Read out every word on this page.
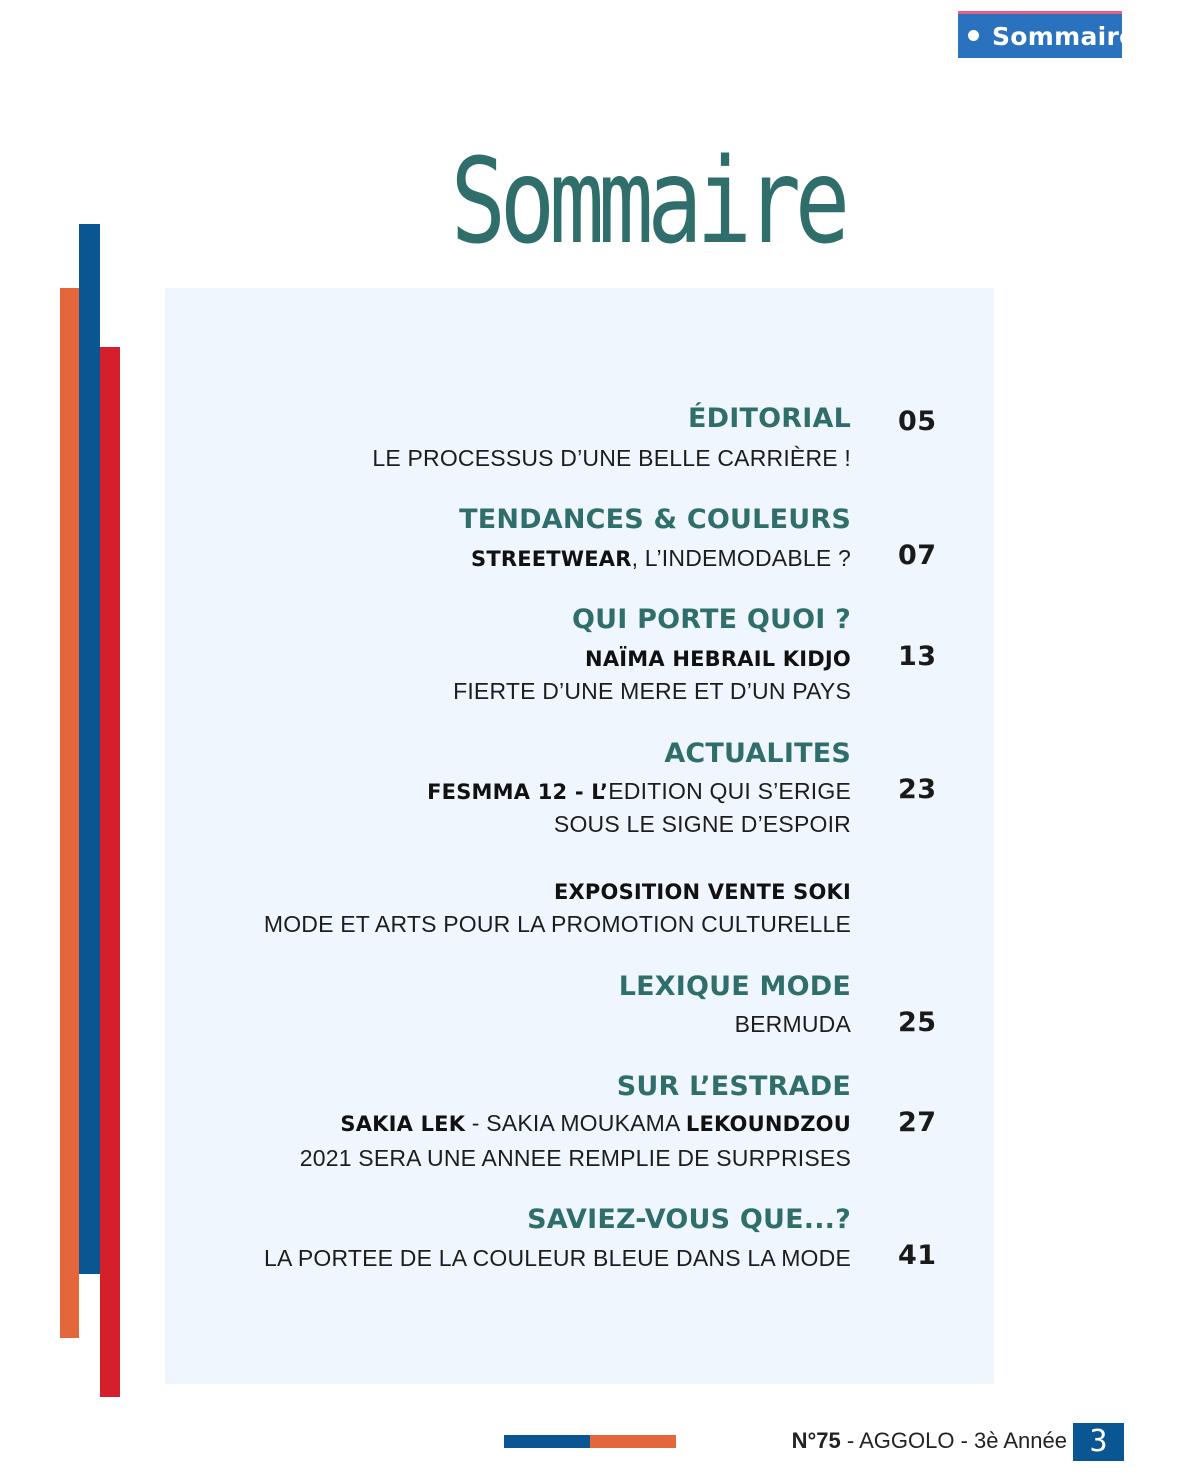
Sommaire
Sommaire
ÉDITORIAL 05
LE PROCESSUS D’UNE BELLE CARRIÈRE !
TENDANCES & COULEURS
STREETWEAR, L’INDEMODABLE ? 07
QUI PORTE QUOI ?
NAÏMA HEBRAIL KIDJO 13
FIERTE D’UNE MERE ET D’UN PAYS
ACTUALITES
FESMMA 12 - L’EDITION QUI S’ERIGE 23
SOUS LE SIGNE D’ESPOIR
EXPOSITION VENTE SOKI
MODE ET ARTS POUR LA PROMOTION CULTURELLE
LEXIQUE MODE
BERMUDA 25
SUR L’ESTRADE
SAKIA LEK - SAKIA MOUKAMA LEKOUNDZOU 27
2021 SERA UNE ANNEE REMPLIE DE SURPRISES
SAVIEZ-VOUS QUE...?
LA PORTEE DE LA COULEUR BLEUE DANS LA MODE 41
N°75 - AGGOLO - 3è Année 3
